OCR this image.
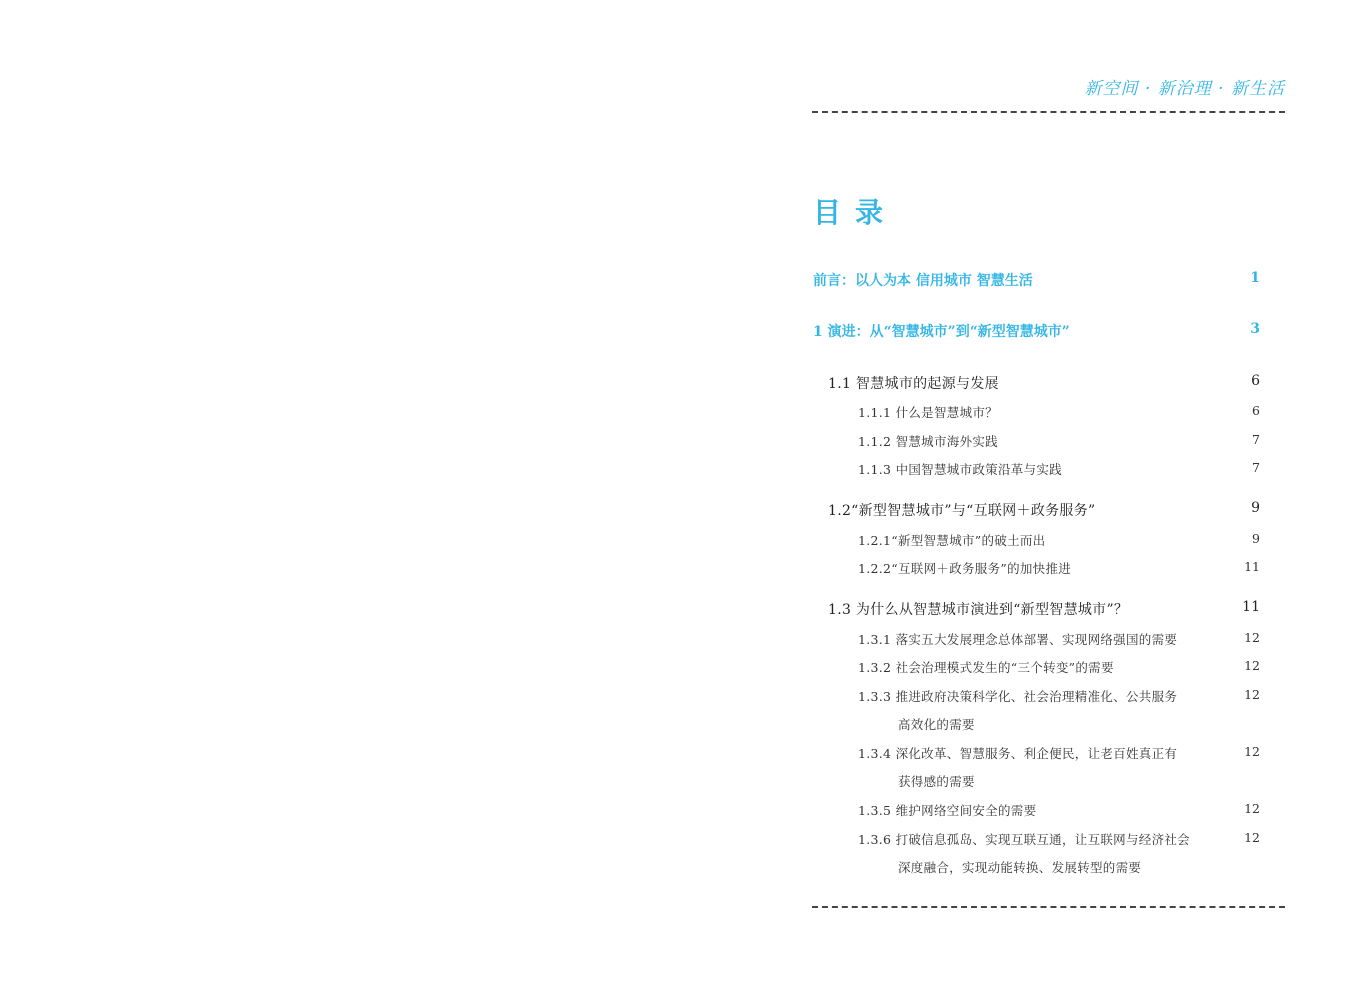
新空间 · 新治理 · 新生活
目录
前言：以人为本 信用城市 智慧生活	1
1 演进：从“智慧城市”到“新型智慧城市”	3
1.1 智慧城市的起源与发展	6
1.1.1 什么是智慧城市？	6
1.1.2 智慧城市海外实践	7
1.1.3 中国智慧城市政策沿革与实践	7
1.2“新型智慧城市”与“互联网＋政务服务”	9
1.2.1“新型智慧城市”的破土而出	9
1.2.2“互联网＋政务服务”的加快推进	11
1.3 为什么从智慧城市演进到“新型智慧城市”？	11
1.3.1 落实五大发展理念总体部署、实现网络强国的需要	12
1.3.2 社会治理模式发生的“三个转变”的需要	12
1.3.3 推进政府决策科学化、社会治理精准化、公共服务	12
高效化的需要
1.3.4 深化改革、智慧服务、利企便民，让老百姓真正有	12
获得感的需要
1.3.5 维护网络空间安全的需要	12
1.3.6 打破信息孤岛、实现互联互通，让互联网与经济社会	12
深度融合，实现动能转换、发展转型的需要
